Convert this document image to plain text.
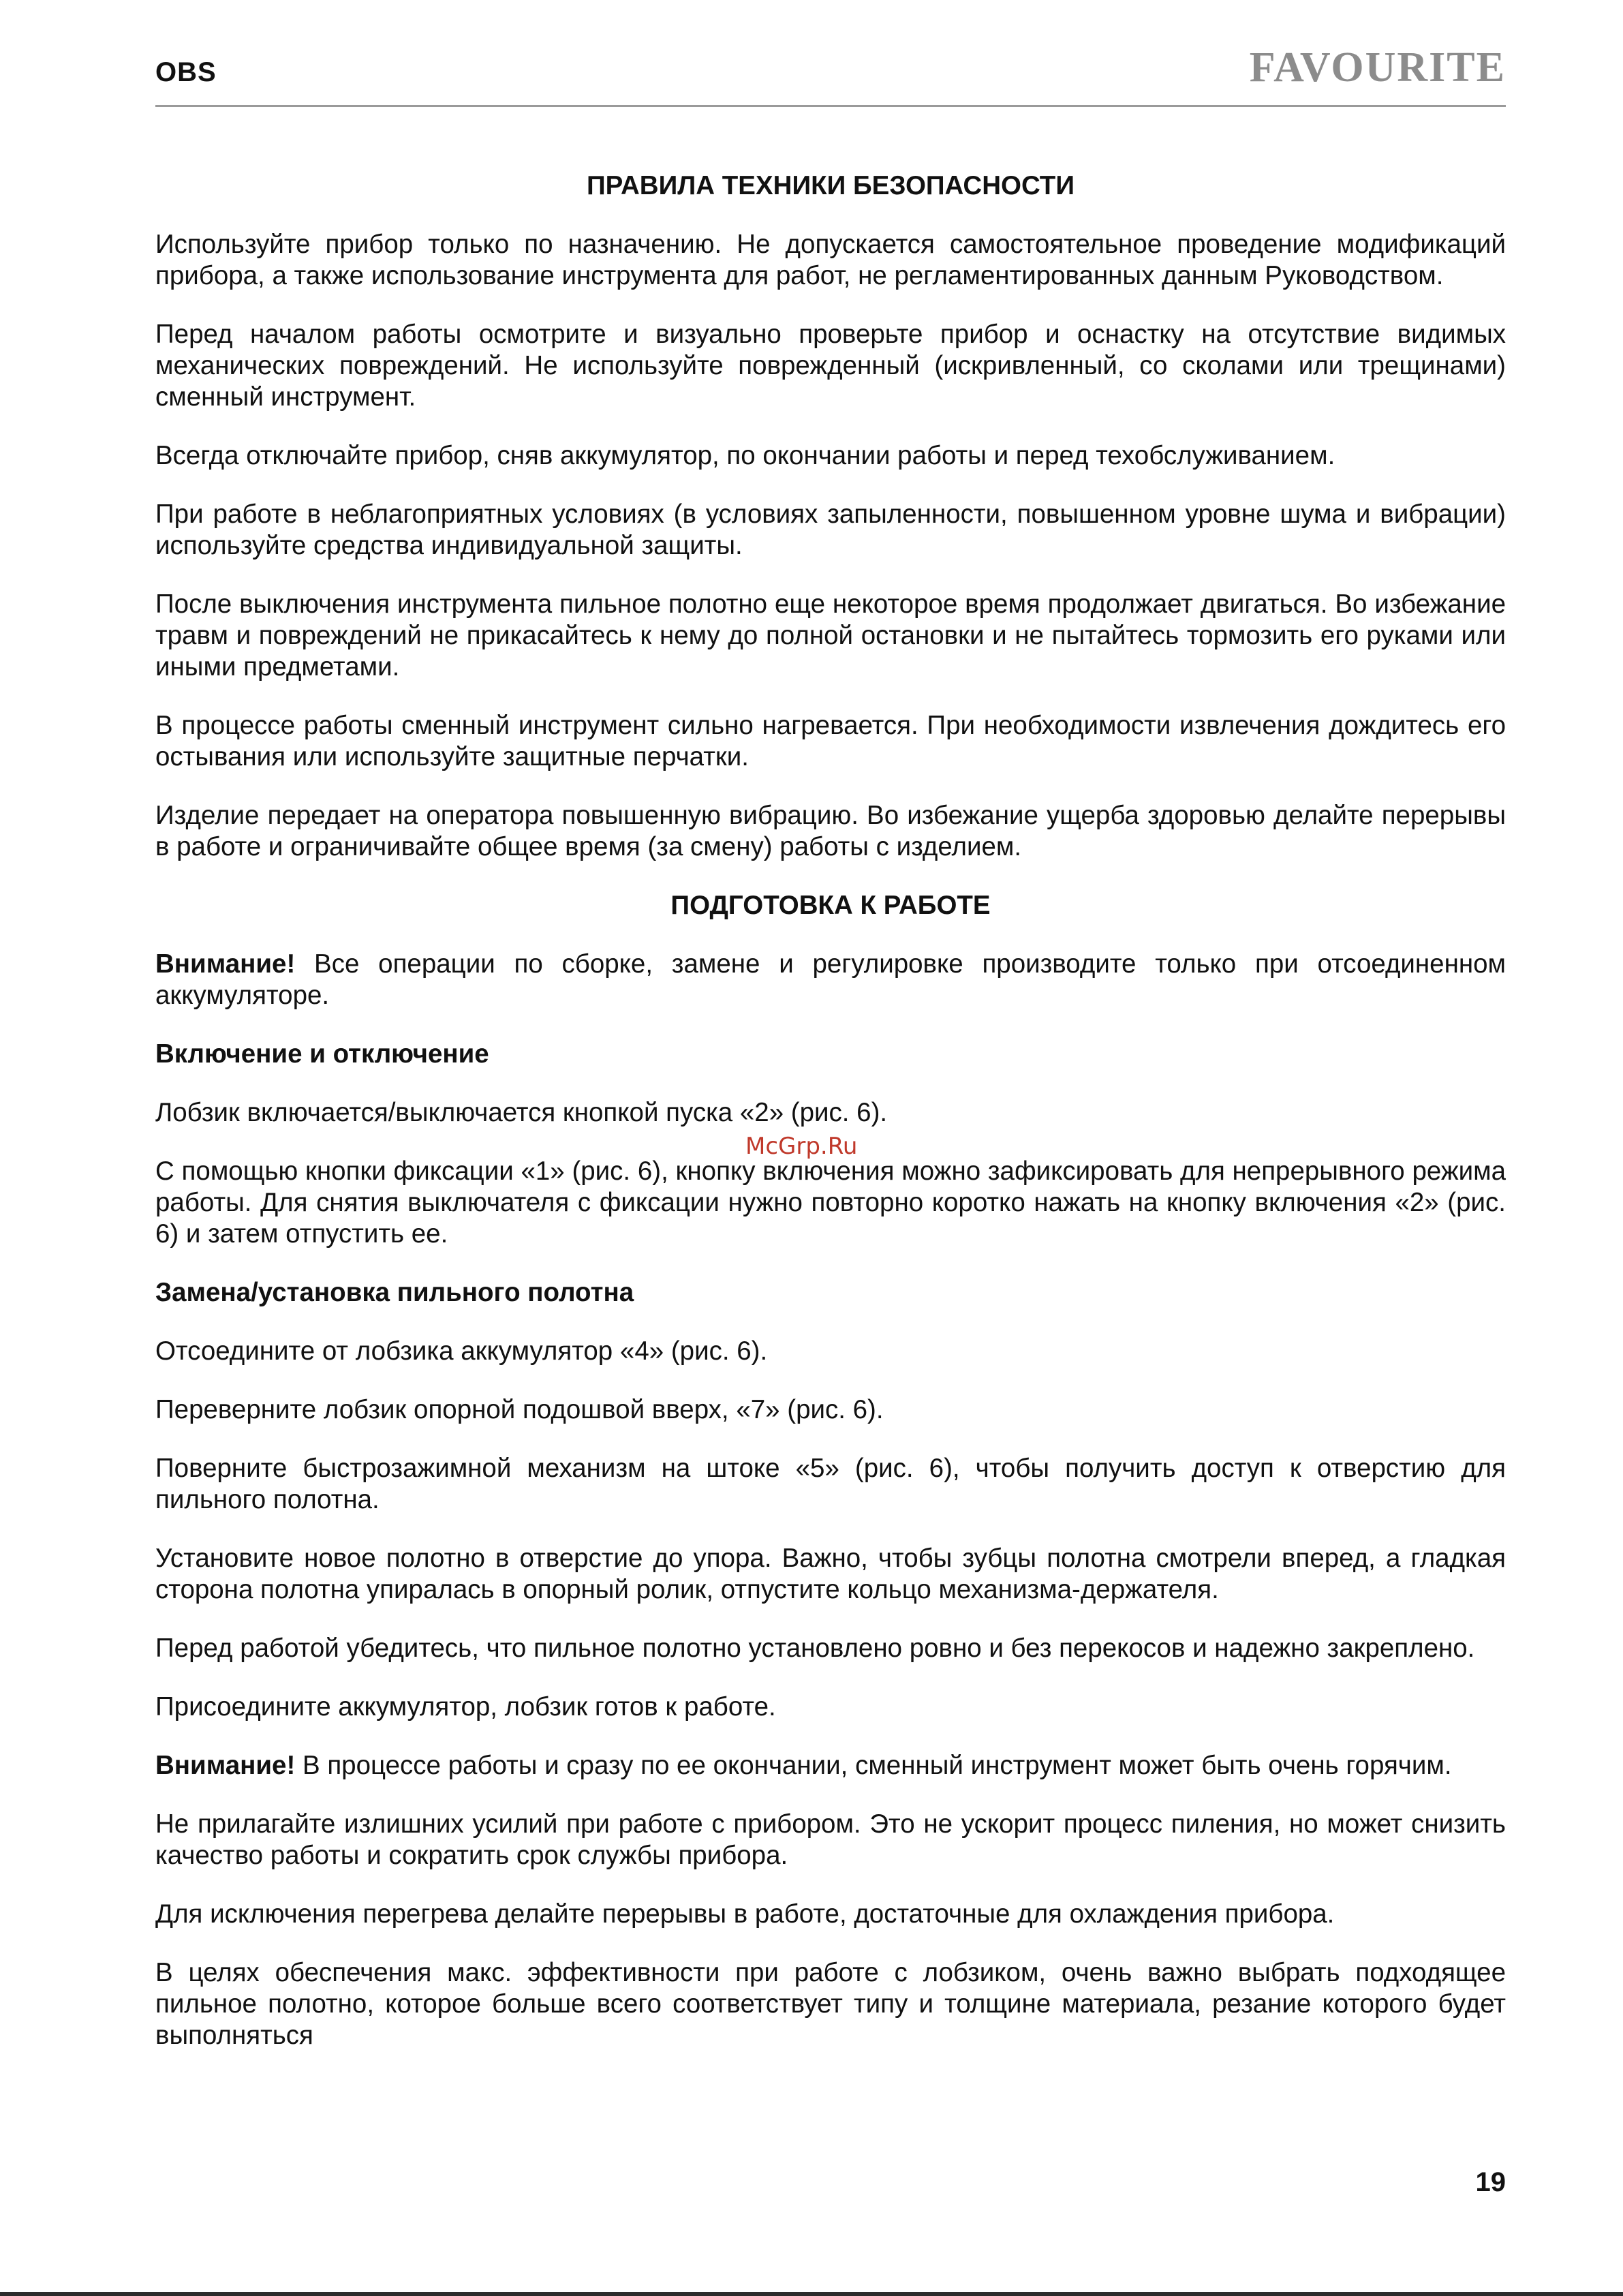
OBS	FAVOURITE
ПРАВИЛА ТЕХНИКИ БЕЗОПАСНОСТИ

Используйте прибор только по назначению. Не допускается самостоятельное проведение модификаций прибора, а также использование инструмента для работ, не регламентированных данным Руководством.

Перед началом работы осмотрите и визуально проверьте прибор и оснастку на отсутствие видимых механических повреждений. Не используйте поврежденный (искривленный, со сколами или трещинами) сменный инструмент.

Всегда отключайте прибор, сняв аккумулятор, по окончании работы и перед техобслуживанием.

При работе в неблагоприятных условиях (в условиях запыленности, повышенном уровне шума и вибрации) используйте средства индивидуальной защиты.

После выключения инструмента пильное полотно еще некоторое время продолжает двигаться. Во избежание травм и повреждений не прикасайтесь к нему до полной остановки и не пытайтесь тормозить его руками или иными предметами.

В процессе работы сменный инструмент сильно нагревается. При необходимости извлечения дождитесь его остывания или используйте защитные перчатки.

Изделие передает на оператора повышенную вибрацию. Во избежание ущерба здоровью делайте перерывы в работе и ограничивайте общее время (за смену) работы с изделием.

ПОДГОТОВКА К РАБОТЕ

Внимание! Все операции по сборке, замене и регулировке производите только при отсоединенном аккумуляторе.

Включение и отключение

Лобзик включается/выключается кнопкой пуска «2» (рис. 6).

С помощью кнопки фиксации «1» (рис. 6), кнопку включения можно зафиксировать для непрерывного режима работы. Для снятия выключателя с фиксации нужно повторно коротко нажать на кнопку включения «2» (рис. 6) и затем отпустить ее.

Замена/установка пильного полотна

Отсоедините от лобзика аккумулятор «4» (рис. 6).

Переверните лобзик опорной подошвой вверх, «7» (рис. 6).

Поверните быстрозажимной механизм на штоке «5» (рис. 6), чтобы получить доступ к отверстию для пильного полотна.

Установите новое полотно в отверстие до упора. Важно, чтобы зубцы полотна смотрели вперед, а гладкая сторона полотна упиралась в опорный ролик, отпустите кольцо механизма-держателя.

Перед работой убедитесь, что пильное полотно установлено ровно и без перекосов и надежно закреплено.

Присоедините аккумулятор, лобзик готов к работе.

Внимание! В процессе работы и сразу по ее окончании, сменный инструмент может быть очень горячим.

Не прилагайте излишних усилий при работе с прибором. Это не ускорит процесс пиления, но может снизить качество работы и сократить срок службы прибора.

Для исключения перегрева делайте перерывы в работе, достаточные для охлаждения прибора.

В целях обеспечения макс. эффективности при работе с лобзиком, очень важно выбрать подходящее пильное полотно, которое больше всего соответствует типу и толщине материала, резание которого будет выполняться

McGrp.Ru
19
